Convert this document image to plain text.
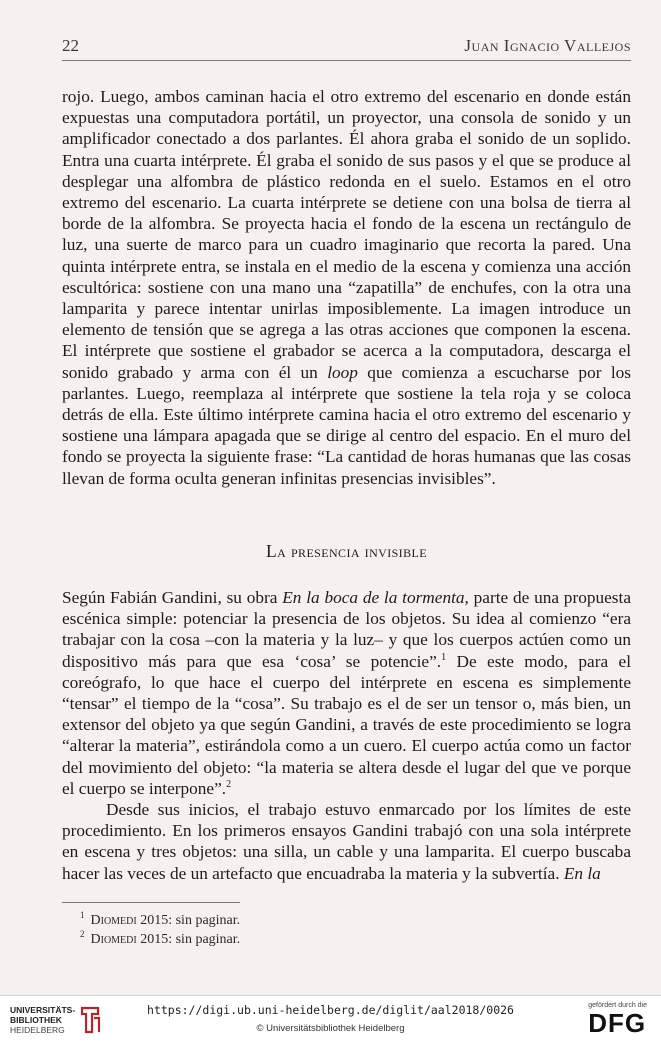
22	Juan Ignacio Vallejos

rojo. Luego, ambos caminan hacia el otro extremo del escenario en donde están expuestas una computadora portátil, un proyector, una consola de sonido y un amplificador conectado a dos parlantes. Él ahora graba el sonido de un soplido. Entra una cuarta intérprete. Él graba el sonido de sus pasos y el que se produce al desplegar una alfombra de plástico redonda en el suelo. Estamos en el otro extremo del escenario. La cuarta intérprete se detiene con una bolsa de tierra al borde de la alfombra. Se proyecta hacia el fondo de la escena un rectángulo de luz, una suerte de marco para un cuadro imaginario que recorta la pared. Una quinta intérprete entra, se instala en el medio de la escena y comienza una acción escultórica: sostiene con una mano una “zapatilla” de enchufes, con la otra una lamparita y parece intentar unirlas imposiblemente. La imagen introduce un elemento de tensión que se agrega a las otras acciones que componen la escena. El intérprete que sostiene el grabador se acerca a la computadora, descarga el sonido grabado y arma con él un loop que comienza a escucharse por los parlantes. Luego, reemplaza al intérprete que sostiene la tela roja y se coloca detrás de ella. Este último intérprete camina hacia el otro extremo del escenario y sostiene una lámpara apagada que se dirige al centro del espacio. En el muro del fondo se proyecta la siguiente frase: “La cantidad de horas humanas que las cosas llevan de forma oculta generan infinitas presencias invisibles”.

La presencia invisible

Según Fabián Gandini, su obra En la boca de la tormenta, parte de una propuesta escénica simple: potenciar la presencia de los objetos. Su idea al comienzo “era trabajar con la cosa –con la materia y la luz– y que los cuerpos actúen como un dispositivo más para que esa ‘cosa’ se potencie”.$^1$ De este modo, para el coreógrafo, lo que hace el cuerpo del intérprete en escena es simplemente “tensar” el tiempo de la “cosa”. Su trabajo es el de ser un tensor o, más bien, un extensor del objeto ya que según Gandini, a través de este procedimiento se logra “alterar la materia”, estirándola como a un cuero. El cuerpo actúa como un factor del movimiento del objeto: “la materia se altera desde el lugar del que ve porque el cuerpo se interpone”.$^2$

Desde sus inicios, el trabajo estuvo enmarcado por los límites de este procedimiento. En los primeros ensayos Gandini trabajó con una sola intérprete en escena y tres objetos: una silla, un cable y una lamparita. El cuerpo buscaba hacer las veces de un artefacto que encuadraba la materia y la subvertía. En la

$^1$ Diomedi 2015: sin paginar.
$^2$ Diomedi 2015: sin paginar.
UNIVERSITÄTS-
BIBLIOTHEK
HEIDELBERG
https://digi.ub.uni-heidelberg.de/diglit/aal2018/0026
© Universitätsbibliothek Heidelberg
gefördert durch die
DFG
